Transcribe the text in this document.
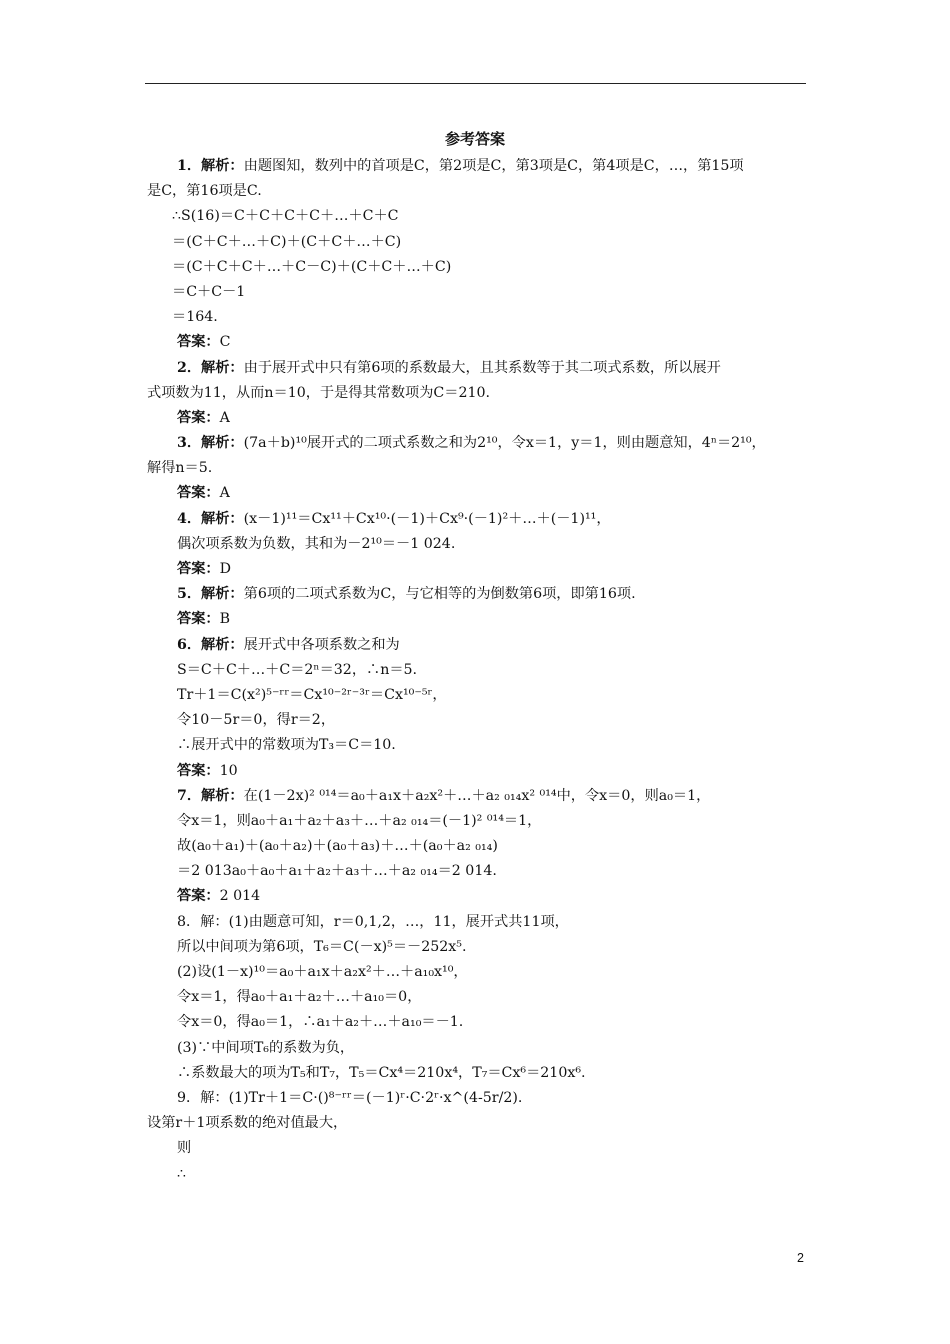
参考答案
1．解析：由题图知，数列中的首项是C，第2项是C，第3项是C，第4项是C，…，第15项
是C，第16项是C.
∴S(16)＝C＋C＋C＋C＋…＋C＋C
＝(C＋C＋…＋C)＋(C＋C＋…＋C)
＝(C＋C＋C＋…＋C－C)＋(C＋C＋…＋C)
＝C＋C－1
＝164.
答案：C
2．解析：由于展开式中只有第6项的系数最大，且其系数等于其二项式系数，所以展开
式项数为11，从而n＝10，于是得其常数项为C＝210.
答案：A
3．解析：(7a＋b)¹⁰展开式的二项式系数之和为2¹⁰，令x＝1，y＝1，则由题意知，4ⁿ＝2¹⁰，
解得n＝5.
答案：A
4．解析：(x－1)¹¹＝Cx¹¹＋Cx¹⁰·(－1)＋Cx⁹·(－1)²＋…＋(－1)¹¹，
偶次项系数为负数，其和为－2¹⁰＝－1 024.
答案：D
5．解析：第6项的二项式系数为C，与它相等的为倒数第6项，即第16项.
答案：B
6．解析：展开式中各项系数之和为
S＝C＋C＋…＋C＝2ⁿ＝32，∴n＝5.
Tr＋1＝C(x²)⁵⁻ʳʳ＝Cx¹⁰⁻²ʳ⁻³ʳ＝Cx¹⁰⁻⁵ʳ，
令10－5r＝0，得r＝2，
∴展开式中的常数项为T₃＝C＝10.
答案：10
7．解析：在(1－2x)² ⁰¹⁴＝a₀＋a₁x＋a₂x²＋…＋a₂ ₀₁₄x² ⁰¹⁴中，令x＝0，则a₀＝1，
令x＝1，则a₀＋a₁＋a₂＋a₃＋…＋a₂ ₀₁₄＝(－1)² ⁰¹⁴＝1，
故(a₀＋a₁)＋(a₀＋a₂)＋(a₀＋a₃)＋…＋(a₀＋a₂ ₀₁₄)
＝2 013a₀＋a₀＋a₁＋a₂＋a₃＋…＋a₂ ₀₁₄＝2 014.
答案：2 014
8．解：(1)由题意可知，r＝0,1,2，…，11，展开式共11项，
所以中间项为第6项，T₆＝C(－x)⁵＝－252x⁵.
(2)设(1－x)¹⁰＝a₀＋a₁x＋a₂x²＋…＋a₁₀x¹⁰，
令x＝1，得a₀＋a₁＋a₂＋…＋a₁₀＝0，
令x＝0，得a₀＝1，∴a₁＋a₂＋…＋a₁₀＝－1.
(3)∵中间项T₆的系数为负，
∴系数最大的项为T₅和T₇，T₅＝Cx⁴＝210x⁴，T₇＝Cx⁶＝210x⁶.
9．解：(1)Tr＋1＝C·()⁸⁻ʳʳ＝(－1)ʳ·C·2ʳ·x^(4-5r/2).
设第r＋1项系数的绝对值最大，
则
∴
2
